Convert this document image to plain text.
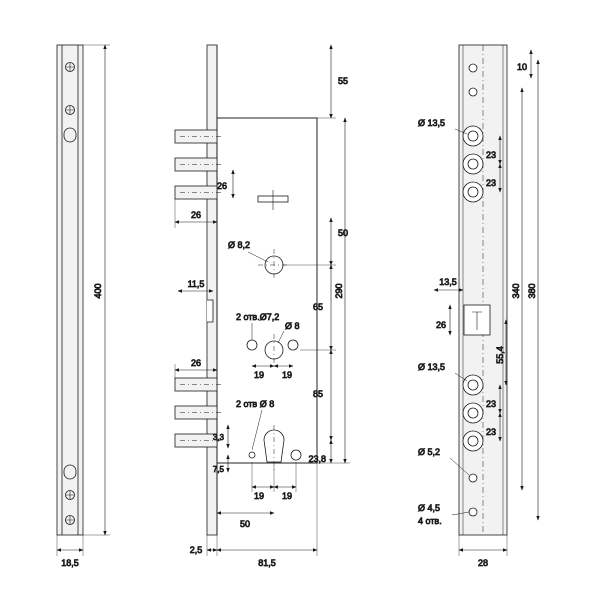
400
18,5
55
26
26
Ø 8,2
50
11,5
2 отв.Ø7,2
Ø 8
19 19
65
290
26
2 отв Ø 8
85
3,3
7,5
23,8
19 19
50
2,5
81,5
10
Ø 13,5
23
23
13,5
26
340 380
55,4
Ø 13,5
23
23
Ø 5,2
Ø 4,5
4 отв.
28
